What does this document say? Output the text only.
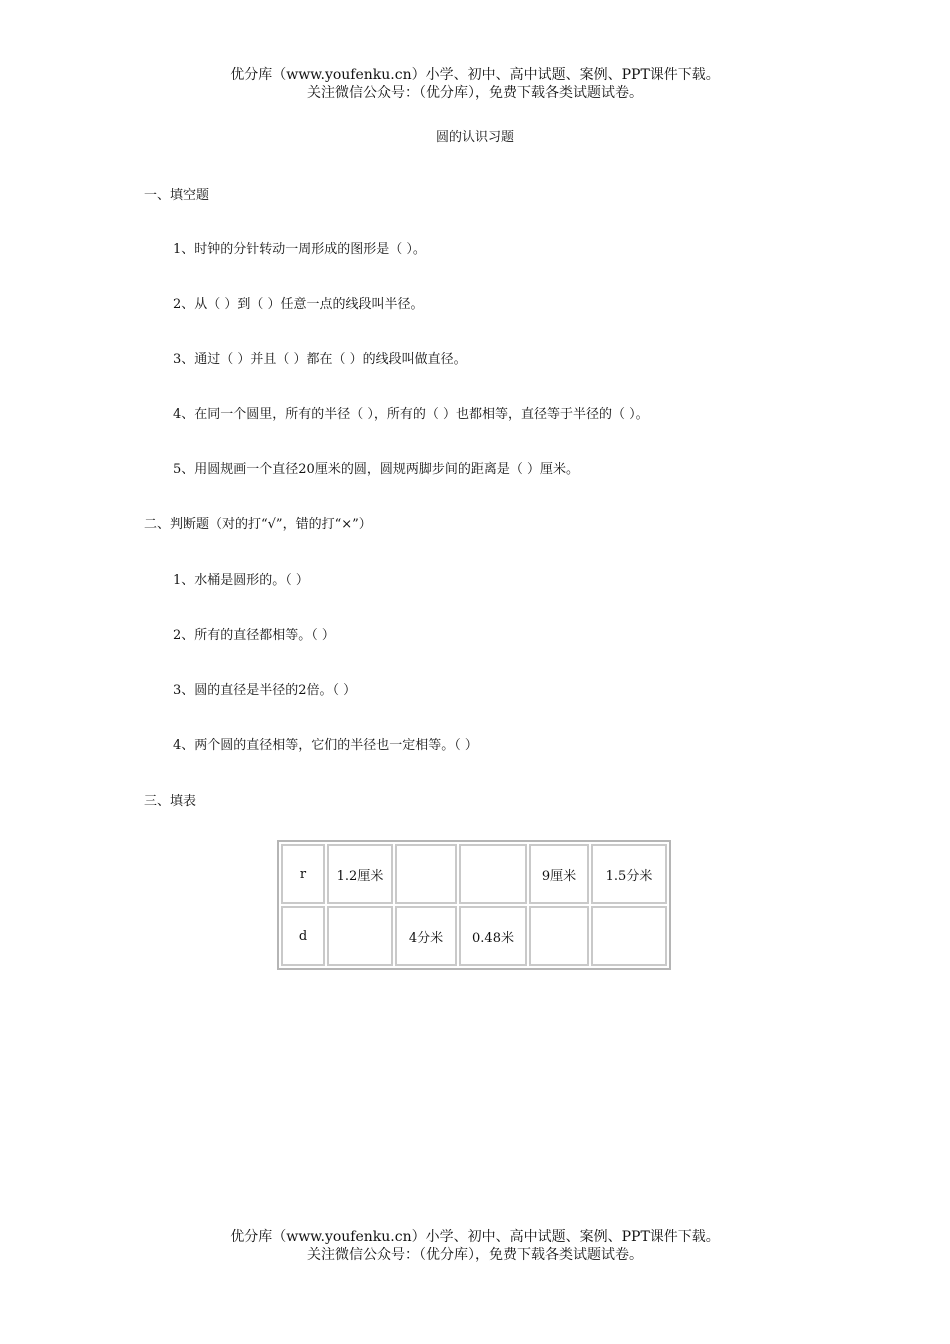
优分库（www.youfenku.cn）小学、初中、高中试题、案例、PPT课件下载。
关注微信公众号：（优分库），免费下载各类试题试卷。
圆的认识习题
一、填空题
1、时钟的分针转动一周形成的图形是（ ）。
2、从（ ）到（ ）任意一点的线段叫半径。
3、通过（ ）并且（ ）都在（ ）的线段叫做直径。
4、在同一个圆里，所有的半径（ ），所有的（ ）也都相等，直径等于半径的（ ）。
5、用圆规画一个直径20厘米的圆，圆规两脚步间的距离是（ ）厘米。
二、判断题（对的打“√”，错的打“×”）
1、水桶是圆形的。（ ）
2、所有的直径都相等。（ ）
3、圆的直径是半径的2倍。（ ）
4、两个圆的直径相等，它们的半径也一定相等。（ ）
三、填表
r	1.2厘米			9厘米	1.5分米
d		4分米	0.48米		
优分库（www.youfenku.cn）小学、初中、高中试题、案例、PPT课件下载。
关注微信公众号：（优分库），免费下载各类试题试卷。
